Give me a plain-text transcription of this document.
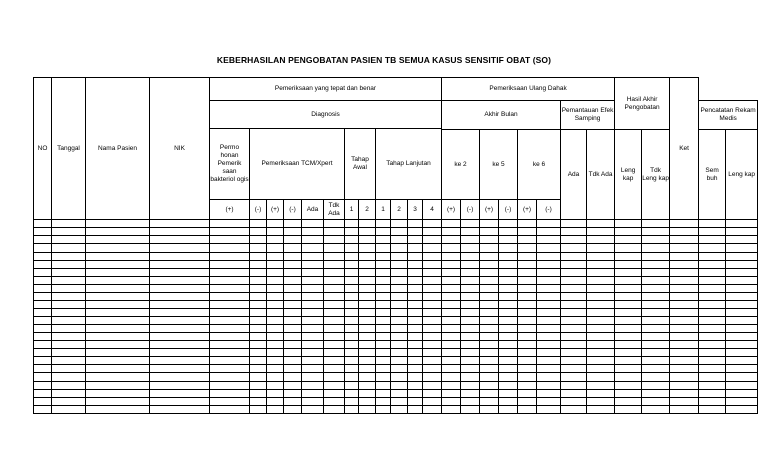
KEBERHASILAN PENGOBATAN PASIEN TB SEMUA KASUS SENSITIF OBAT (SO)
NO	Tanggal	Nama Pasien	NIK	Pemeriksaan yang tepat dan benar												Pemeriksaan Ulang Dahak								Hasil Akhir Pengobatan		Ket		
				Diagnosis												Akhir Bulan						Pemantauan Efek Samping					Pencatatan Rekam Medis	
				Permo honan Pemerik saan bakteriol ogis	Pemeriksaan TCM/Xpert					Tahap Awal		Tahap Lanjutan																
																ke 2		ke 5		ke 6		Ada	Tdk Ada	Leng kap	Tdk Leng kap		Sem buh	Leng kap
				(+)	(-)	(+)	(-)	Ada	Tdk Ada	1	2	1	2	3	4	(+)	(-)	(+)	(-)	(+)	(-)							
